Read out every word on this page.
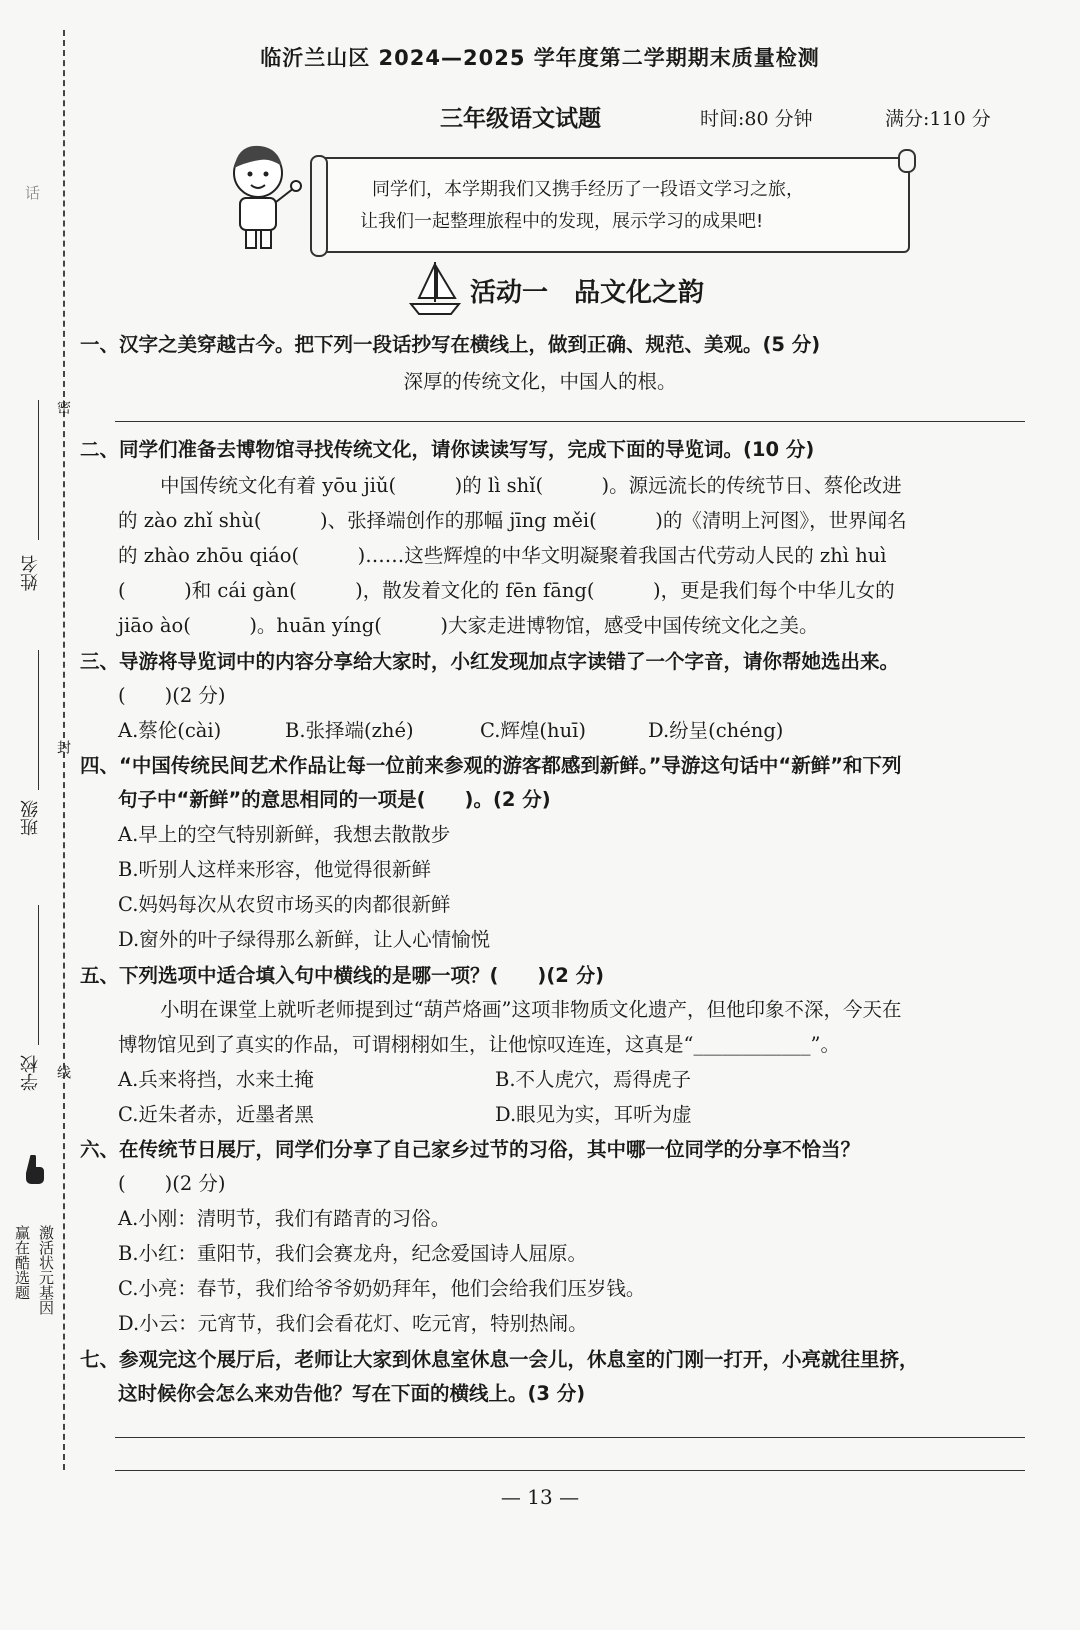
话
密
姓名
封
班级
学校 线
赢在酷选题 激活状元基因
临沂兰山区 2024—2025 学年度第二学期期末质量检测
三年级语文试题	时间:80 分钟	满分:110 分
同学们，本学期我们又携手经历了一段语文学习之旅，
让我们一起整理旅程中的发现，展示学习的成果吧!
活动一　品文化之韵
一、汉字之美穿越古今。把下列一段话抄写在横线上，做到正确、规范、美观。(5 分)
深厚的传统文化，中国人的根。
二、同学们准备去博物馆寻找传统文化，请你读读写写，完成下面的导览词。(10 分)
中国传统文化有着 yōu jiǔ(　　　)的 lì shǐ(　　　)。源远流长的传统节日、蔡伦改进
的 zào zhǐ shù(　　　)、张择端创作的那幅 jīng měi(　　　)的《清明上河图》，世界闻名
的 zhào zhōu qiáo(　　　)……这些辉煌的中华文明凝聚着我国古代劳动人民的 zhì huì
(　　　)和 cái gàn(　　　)，散发着文化的 fēn fāng(　　　)，更是我们每个中华儿女的
jiāo ào(　　　)。huān yíng(　　　)大家走进博物馆，感受中国传统文化之美。
三、导游将导览词中的内容分享给大家时，小红发现加点字读错了一个字音，请你帮她选出来。
(　　)(2 分)
A.蔡伦(cài)	B.张择端(zhé)	C.辉煌(huī)	D.纷呈(chéng)
四、“中国传统民间艺术作品让每一位前来参观的游客都感到新鲜。”导游这句话中“新鲜”和下列
句子中“新鲜”的意思相同的一项是(　　)。(2 分)
A.早上的空气特别新鲜，我想去散散步
B.听别人这样来形容，他觉得很新鲜
C.妈妈每次从农贸市场买的肉都很新鲜
D.窗外的叶子绿得那么新鲜，让人心情愉悦
五、下列选项中适合填入句中横线的是哪一项？(　　)(2 分)
小明在课堂上就听老师提到过“葫芦烙画”这项非物质文化遗产，但他印象不深，今天在
博物馆见到了真实的作品，可谓栩栩如生，让他惊叹连连，这真是“____________”。
A.兵来将挡，水来土掩	B.不人虎穴，焉得虎子
C.近朱者赤，近墨者黑	D.眼见为实，耳听为虚
六、在传统节日展厅，同学们分享了自己家乡过节的习俗，其中哪一位同学的分享不恰当？
(　　)(2 分)
A.小刚：清明节，我们有踏青的习俗。
B.小红：重阳节，我们会赛龙舟，纪念爱国诗人屈原。
C.小亮：春节，我们给爷爷奶奶拜年，他们会给我们压岁钱。
D.小云：元宵节，我们会看花灯、吃元宵，特别热闹。
七、参观完这个展厅后，老师让大家到休息室休息一会儿，休息室的门刚一打开，小亮就往里挤，
这时候你会怎么来劝告他？写在下面的横线上。(3 分)
— 13 —
